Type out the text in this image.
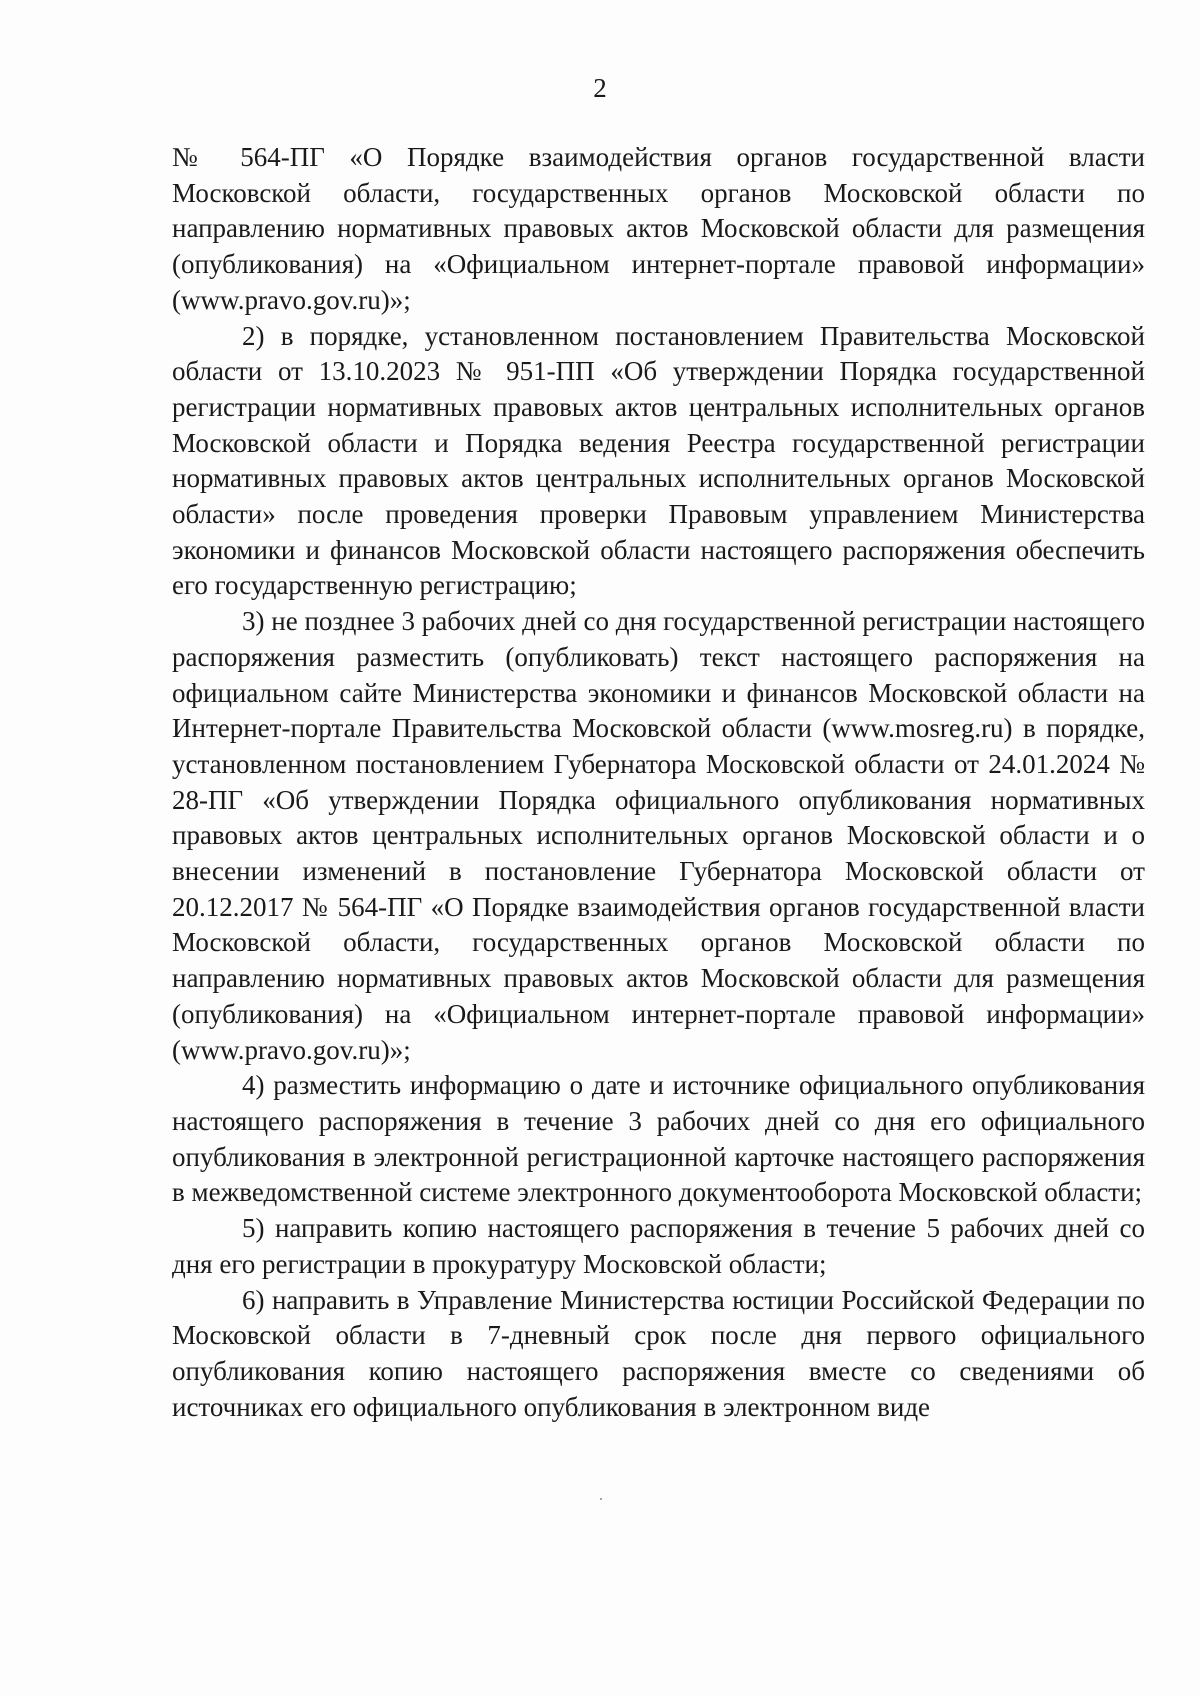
2

№ 564-ПГ «О Порядке взаимодействия органов государственной власти Московской области, государственных органов Московской области по направлению нормативных правовых актов Московской области для размещения (опубликования) на «Официальном интернет-портале правовой информации» (www.pravo.gov.ru)»;

2) в порядке, установленном постановлением Правительства Московской области от 13.10.2023 № 951-ПП «Об утверждении Порядка государственной регистрации нормативных правовых актов центральных исполнительных органов Московской области и Порядка ведения Реестра государственной регистрации нормативных правовых актов центральных исполнительных органов Московской области» после проведения проверки Правовым управлением Министерства экономики и финансов Московской области настоящего распоряжения обеспечить его государственную регистрацию;

3) не позднее 3 рабочих дней со дня государственной регистрации настоящего распоряжения разместить (опубликовать) текст настоящего распоряжения на официальном сайте Министерства экономики и финансов Московской области на Интернет-портале Правительства Московской области (www.mosreg.ru) в порядке, установленном постановлением Губернатора Московской области от 24.01.2024 № 28-ПГ «Об утверждении Порядка официального опубликования нормативных правовых актов центральных исполнительных органов Московской области и о внесении изменений в постановление Губернатора Московской области от 20.12.2017 № 564-ПГ «О Порядке взаимодействия органов государственной власти Московской области, государственных органов Московской области по направлению нормативных правовых актов Московской области для размещения (опубликования) на «Официальном интернет-портале правовой информации» (www.pravo.gov.ru)»;

4) разместить информацию о дате и источнике официального опубликования настоящего распоряжения в течение 3 рабочих дней со дня его официального опубликования в электронной регистрационной карточке настоящего распоряжения в межведомственной системе электронного документооборота Московской области;

5) направить копию настоящего распоряжения в течение 5 рабочих дней со дня его регистрации в прокуратуру Московской области;

6) направить в Управление Министерства юстиции Российской Федерации по Московской области в 7-дневный срок после дня первого официального опубликования копию настоящего распоряжения вместе со сведениями об источниках его официального опубликования в электронном виде
